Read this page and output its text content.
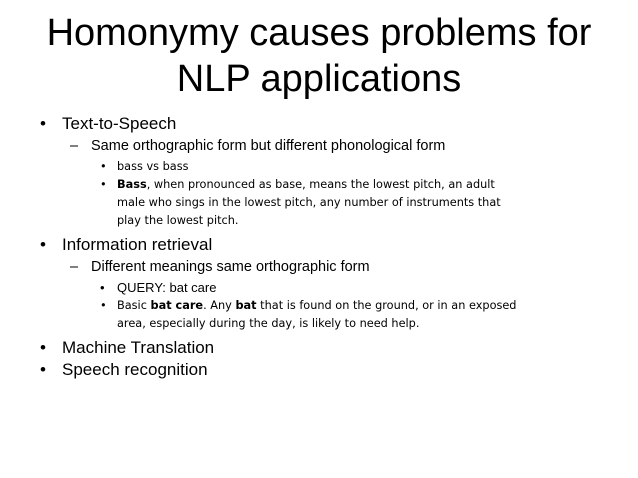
Homonymy causes problems for
NLP applications
• Text-to-Speech
– Same orthographic form but different phonological form
• bass vs bass
• Bass, when pronounced as base, means the lowest pitch, an adult male who sings in the lowest pitch, any number of instruments that play the lowest pitch.
• Information retrieval
– Different meanings same orthographic form
• QUERY: bat care
• Basic bat care. Any bat that is found on the ground, or in an exposed area, especially during the day, is likely to need help.
• Machine Translation
• Speech recognition
